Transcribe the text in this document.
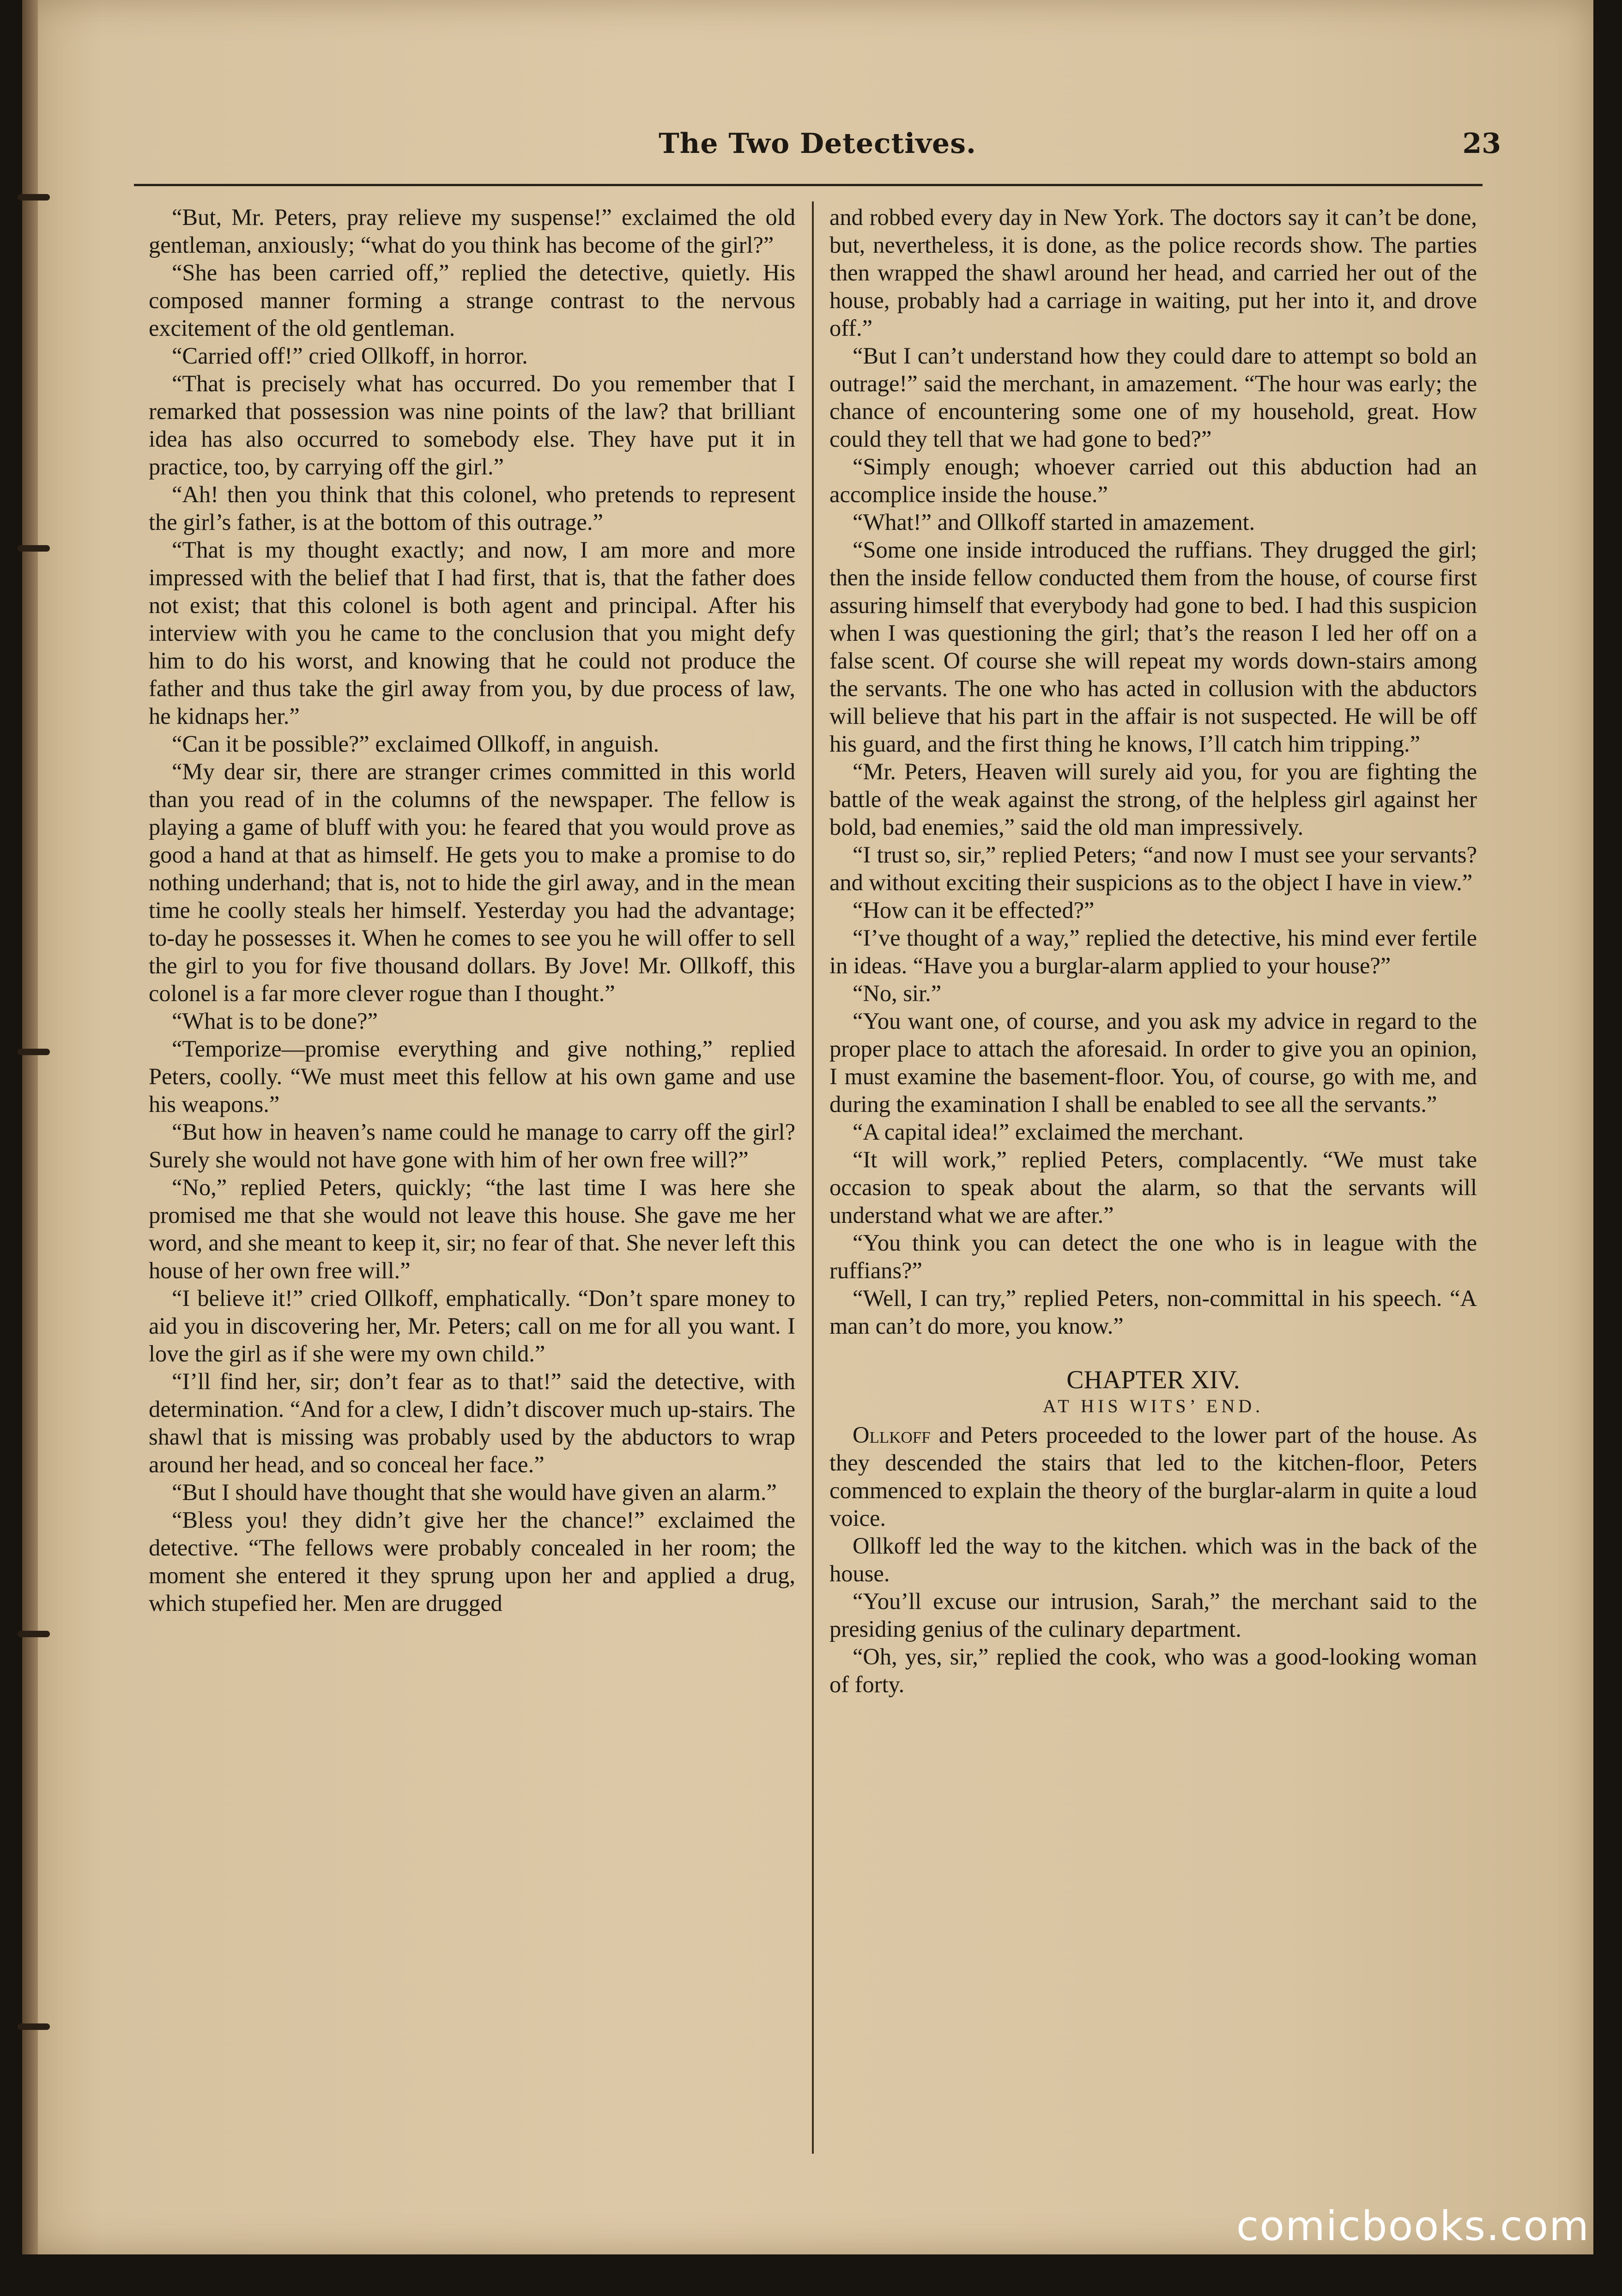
The Two Detectives.	23

“But, Mr. Peters, pray relieve my suspense!” exclaimed the old gentleman, anxiously; “what do you think has become of the girl?”

“She has been carried off,” replied the detective, quietly. His composed manner forming a strange contrast to the nervous excitement of the old gentleman.

“Carried off!” cried Ollkoff, in horror.

“That is precisely what has occurred. Do you remember that I remarked that possession was nine points of the law? that brilliant idea has also occurred to somebody else. They have put it in practice, too, by carrying off the girl.”

“Ah! then you think that this colonel, who pretends to represent the girl’s father, is at the bottom of this outrage.”

“That is my thought exactly; and now, I am more and more impressed with the belief that I had first, that is, that the father does not exist; that this colonel is both agent and principal. After his interview with you he came to the conclusion that you might defy him to do his worst, and knowing that he could not produce the father and thus take the girl away from you, by due process of law, he kidnaps her.”

“Can it be possible?” exclaimed Ollkoff, in anguish.

“My dear sir, there are stranger crimes committed in this world than you read of in the columns of the newspaper. The fellow is playing a game of bluff with you: he feared that you would prove as good a hand at that as himself. He gets you to make a promise to do nothing underhand; that is, not to hide the girl away, and in the mean time he coolly steals her himself. Yesterday you had the advantage; to-day he possesses it. When he comes to see you he will offer to sell the girl to you for five thousand dollars. By Jove! Mr. Ollkoff, this colonel is a far more clever rogue than I thought.”

“What is to be done?”

“Temporize—promise everything and give nothing,” replied Peters, coolly. “We must meet this fellow at his own game and use his weapons.”

“But how in heaven’s name could he manage to carry off the girl? Surely she would not have gone with him of her own free will?”

“No,” replied Peters, quickly; “the last time I was here she promised me that she would not leave this house. She gave me her word, and she meant to keep it, sir; no fear of that. She never left this house of her own free will.”

“I believe it!” cried Ollkoff, emphatically. “Don’t spare money to aid you in discovering her, Mr. Peters; call on me for all you want. I love the girl as if she were my own child.”

“I’ll find her, sir; don’t fear as to that!” said the detective, with determination. “And for a clew, I didn’t discover much up-stairs. The shawl that is missing was probably used by the abductors to wrap around her head, and so conceal her face.”

“But I should have thought that she would have given an alarm.”

“Bless you! they didn’t give her the chance!” exclaimed the detective. “The fellows were probably concealed in her room; the moment she entered it they sprung upon her and applied a drug, which stupefied her. Men are drugged

and robbed every day in New York. The doctors say it can’t be done, but, nevertheless, it is done, as the police records show. The parties then wrapped the shawl around her head, and carried her out of the house, probably had a carriage in waiting, put her into it, and drove off.”

“But I can’t understand how they could dare to attempt so bold an outrage!” said the merchant, in amazement. “The hour was early; the chance of encountering some one of my household, great. How could they tell that we had gone to bed?”

“Simply enough; whoever carried out this abduction had an accomplice inside the house.”

“What!” and Ollkoff started in amazement.

“Some one inside introduced the ruffians. They drugged the girl; then the inside fellow conducted them from the house, of course first assuring himself that everybody had gone to bed. I had this suspicion when I was questioning the girl; that’s the reason I led her off on a false scent. Of course she will repeat my words down-stairs among the servants. The one who has acted in collusion with the abductors will believe that his part in the affair is not suspected. He will be off his guard, and the first thing he knows, I’ll catch him tripping.”

“Mr. Peters, Heaven will surely aid you, for you are fighting the battle of the weak against the strong, of the helpless girl against her bold, bad enemies,” said the old man impressively.

“I trust so, sir,” replied Peters; “and now I must see your servants? and without exciting their suspicions as to the object I have in view.”

“How can it be effected?”

“I’ve thought of a way,” replied the detective, his mind ever fertile in ideas. “Have you a burglar-alarm applied to your house?”

“No, sir.”

“You want one, of course, and you ask my advice in regard to the proper place to attach the aforesaid. In order to give you an opinion, I must examine the basement-floor. You, of course, go with me, and during the examination I shall be enabled to see all the servants.”

“A capital idea!” exclaimed the merchant.

“It will work,” replied Peters, complacently. “We must take occasion to speak about the alarm, so that the servants will understand what we are after.”

“You think you can detect the one who is in league with the ruffians?”

“Well, I can try,” replied Peters, non-committal in his speech. “A man can’t do more, you know.”

CHAPTER XIV.
AT HIS WITS’ END.

Ollkoff and Peters proceeded to the lower part of the house. As they descended the stairs that led to the kitchen-floor, Peters commenced to explain the theory of the burglar-alarm in quite a loud voice.

Ollkoff led the way to the kitchen. which was in the back of the house.

“You’ll excuse our intrusion, Sarah,” the merchant said to the presiding genius of the culinary department.

“Oh, yes, sir,” replied the cook, who was a good-looking woman of forty.

comicbooks.com
